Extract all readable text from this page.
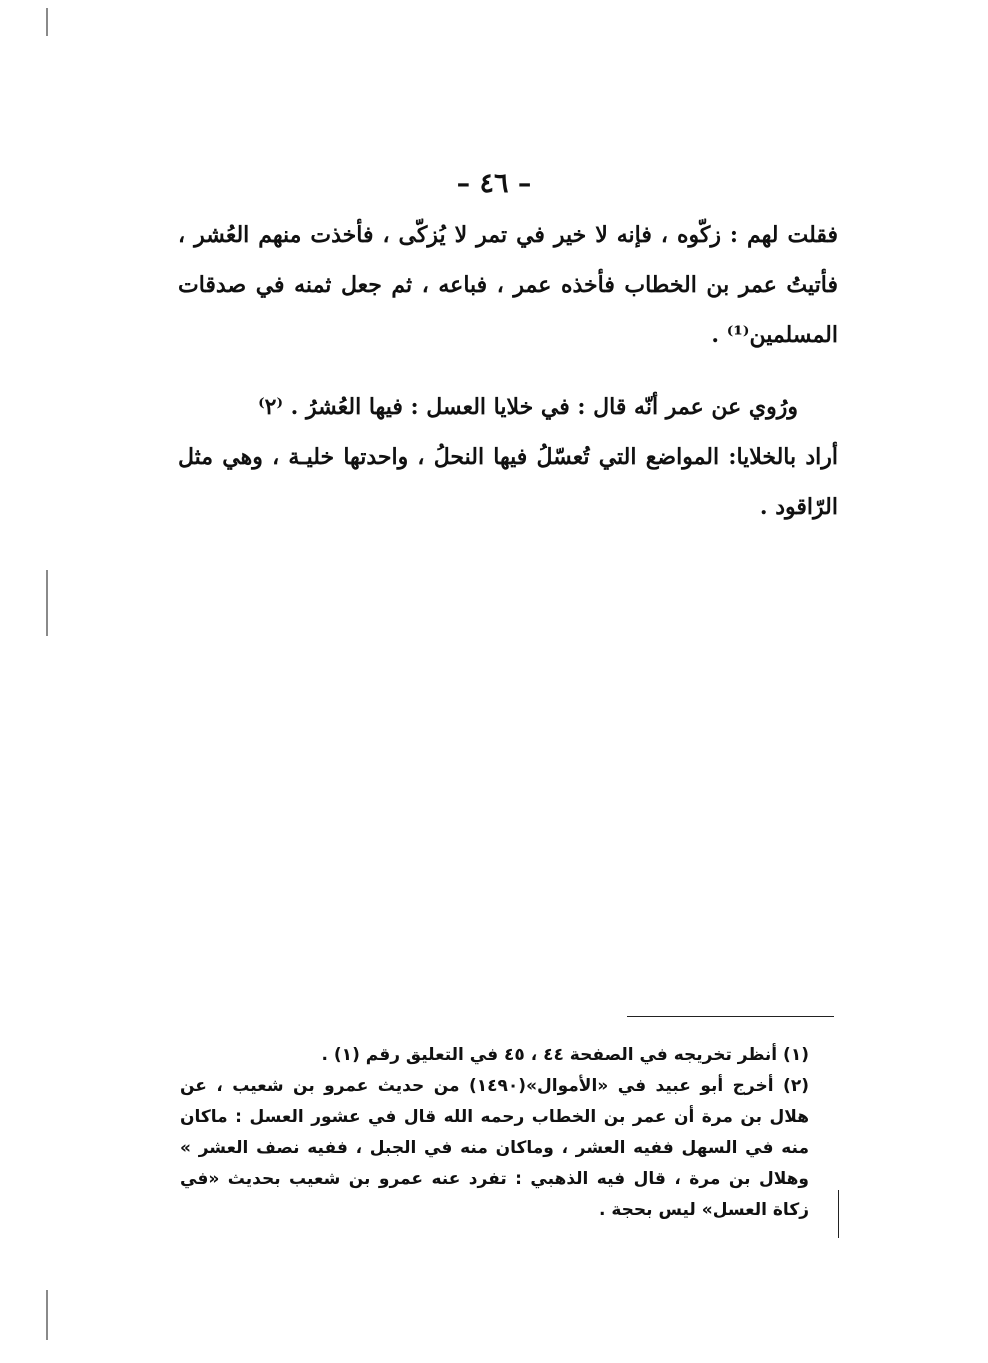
– ٤٦ –
فقلت لهم : زكّوه ، فإنه لا خير في تمر لا يُزكّى ، فأخذت منهم العُشر ، فأتيتُ عمر بن الخطاب فأخذه عمر ، فباعه ، ثم جعل ثمنه في صدقات المسلمين⁽¹⁾ .
ورُوي عن عمر أنّه قال : في خلايا العسل : فيها العُشرُ . ⁽٢⁾
أراد بالخلايا: المواضع التي تُعسّلُ فيها النحلُ ، واحدتها خليـة ، وهي مثل الرّاقود .

(١) أنظر تخريجه في الصفحة ٤٤ ، ٤٥ في التعليق رقم (١) .

(٢) أخرج أبو عبيد في «الأموال»(١٤٩٠) من حديث عمرو بن شعيب ، عن هلال بن مرة أن عمر بن الخطاب رحمه الله قال في عشور العسل : ماكان منه في السهل ففيه العشر ، وماكان منه في الجبل ، ففيه نصف العشر » وهلال بن مرة ، قال فيه الذهبي : تفرد عنه عمرو بن شعيب بحديث «في زكاة العسل» ليس بحجة .
